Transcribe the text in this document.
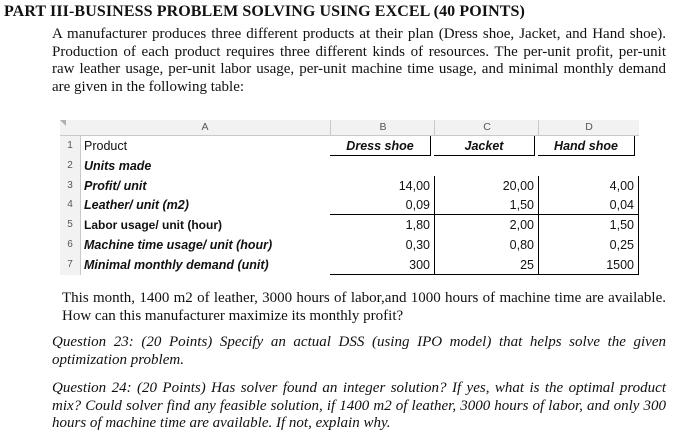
PART III-BUSINESS PROBLEM SOLVING USING EXCEL (40 POINTS)
A manufacturer produces three different products at their plan (Dress shoe, Jacket, and Hand shoe). Production of each product requires three different kinds of resources. The per-unit profit, per-unit raw leather usage, per-unit labor usage, per-unit machine time usage, and minimal monthly demand are given in the following table:
A	B	C	D
1 Product	Dress shoe	Jacket	Hand shoe
2 Units made
3 Profit/ unit	14,00	20,00	4,00
4 Leather/ unit (m2)	0,09	1,50	0,04
5 Labor usage/ unit (hour)	1,80	2,00	1,50
6 Machine time usage/ unit (hour)	0,30	0,80	0,25
7 Minimal monthly demand (unit)	300	25	1500
This month, 1400 m2 of leather, 3000 hours of labor,and 1000 hours of machine time are available. How can this manufacturer maximize its monthly profit?
Question 23: (20 Points) Specify an actual DSS (using IPO model) that helps solve the given optimization problem.
Question 24: (20 Points) Has solver found an integer solution? If yes, what is the optimal product mix? Could solver find any feasible solution, if 1400 m2 of leather, 3000 hours of labor, and only 300 hours of machine time are available. If not, explain why.
